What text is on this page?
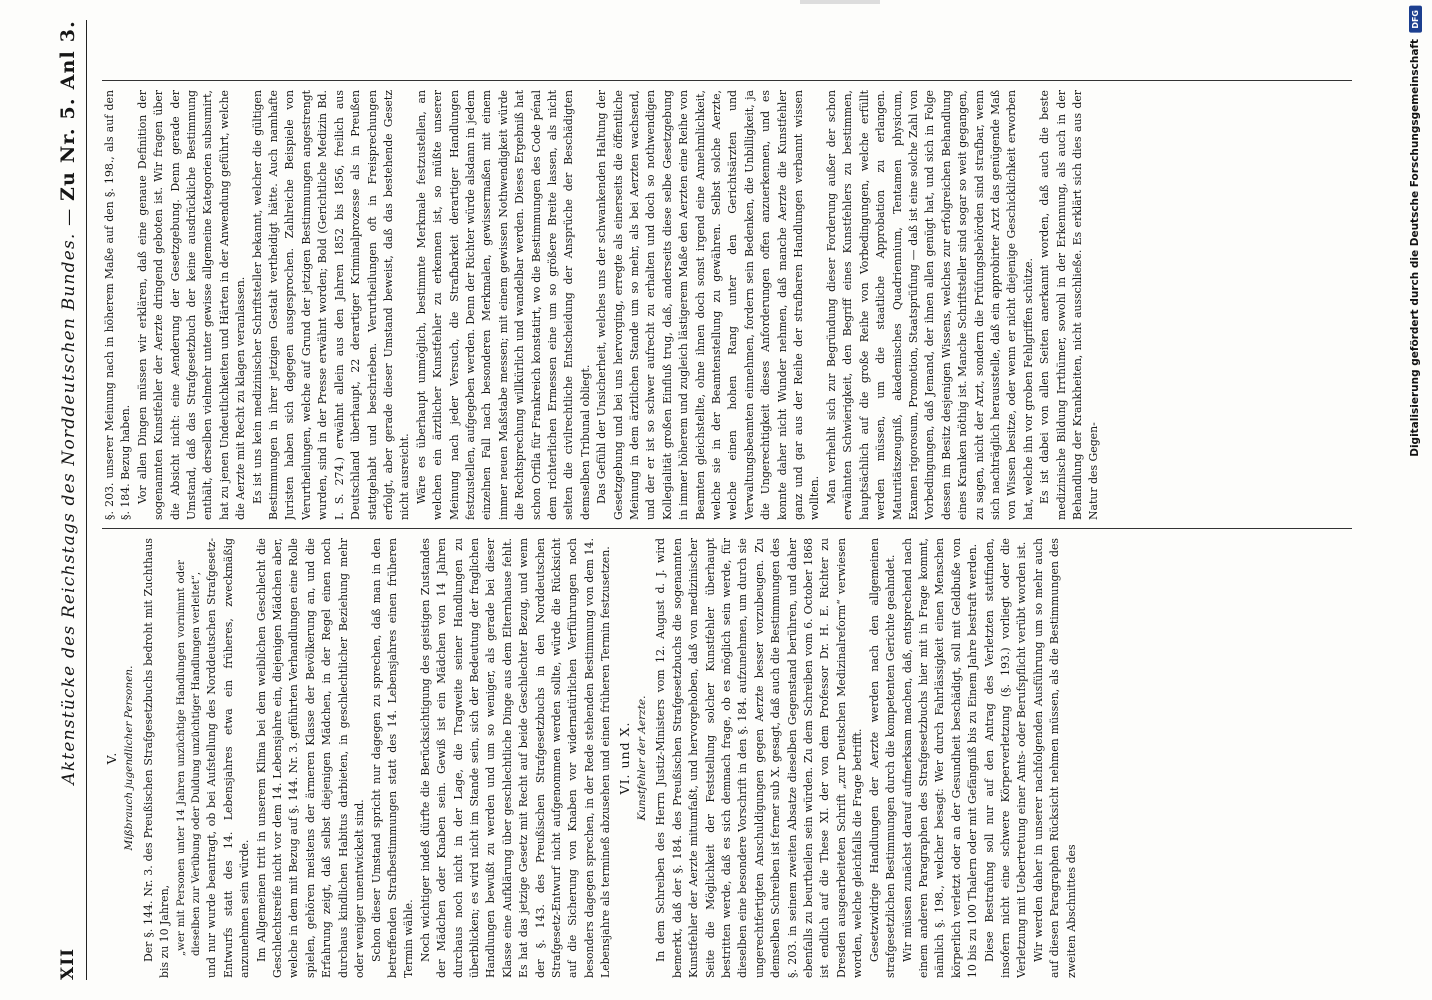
XII
Aktenstücke des Reichstags des Norddeutschen Bundes. — Zu Nr. 5. Anl 3.
V. Mißbrauch jugendlicher Personen. Der §. 144. Nr. 3. des Preußischen Strafgesetzbuchs bedroht mit Zuchthaus bis zu 10 Jahren, „wer mit Personen unter 14 Jahren unzüchtige Handlungen vornimmt oder dieselben zur Verübung oder Duldung unzüchtiger Handlungen verleitet“, und nur wurde beantragt, ob bei Aufstellung des Norddeutschen Strafgesetz-Entwurfs statt des 14. Lebensjahres etwa ein früheres, zweckmäßig anzunehmen sein würde. Im Allgemeinen tritt in unserem Klima bei dem weiblichen Geschlecht die Geschlechtsreife nicht vor dem 14. Lebensjahre ein, diejenigen Mädchen aber, welche in dem mit Bezug auf §. 144. Nr. 3. geführten Verhandlungen eine Rolle spielen, gehören meistens der ärmeren Klasse der Bevölkerung an, und die Erfahrung zeigt, daß selbst diejenigen Mädchen, in der Regel einen noch durchaus kindlichen Habitus darbieten, in geschlechtlicher Beziehung mehr oder weniger unentwickelt sind. Schon dieser Umstand spricht nur dagegen zu sprechen, daß man in den betreffenden Strafbestimmungen statt des 14. Lebensjahres einen früheren Termin wähle. Noch wichtiger indeß dürfte die Berücksichtigung des geistigen Zustandes der Mädchen oder Knaben sein. Gewiß ist ein Mädchen von 14 Jahren durchaus noch nicht in der Lage, die Tragweite seiner Handlungen zu überblicken; es wird nicht im Stande sein, sich der Bedeutung der fraglichen Handlungen bewußt zu werden und um so weniger, als gerade bei dieser Klasse eine Aufklärung über geschlechtliche Dinge aus dem Elternhause fehlt. Es hat das jetzige Gesetz mit Recht auf beide Geschlechter Bezug, und wenn der §. 143. des Preußischen Strafgesetzbuchs in den Norddeutschen Strafgesetz-Entwurf nicht aufgenommen werden sollte, würde die Rücksicht auf die Sicherung von Knaben vor widernatürlichen Verführungen noch besonders dagegen sprechen, in der Rede stehenden Bestimmung von dem 14. Lebensjahre als termineß abzusehen und einen früheren Termin festzusetzen. VI. und X. Kunstfehler der Aerzte. In dem Schreiben des Herrn Justiz-Ministers vom 12. August d. J. wird bemerkt, daß der §. 184. des Preußischen Strafgesetzbuchs die sogenannten Kunstfehler der Aerzte mitumfaßt, und hervorgehoben, daß von medizinischer Seite die Möglichkeit der Feststellung solcher Kunstfehler überhaupt bestritten werde, daß es sich demnach frage, ob es möglich sein werde, für dieselben eine besondere Vorschrift in den §. 184. aufzunehmen, um durch sie ungerechtfertigten Anschuldigungen gegen Aerzte besser vorzubeugen. Zu demselben Schreiben ist ferner sub X. gesagt, daß auch die Bestimmungen des §. 203. in seinem zweiten Absatze dieselben Gegenstand berühren, und daher ebenfalls zu beurtheilen sein würden. Zu dem Schreiben vom 6. October 1868 ist endlich auf die These XI. der von dem Professor Dr. H. E. Richter zu Dresden ausgearbeiteten Schrift „zur Deutschen Medizinalreform“ verwiesen worden, welche gleichfalls die Frage betrifft. Gesetzwidrige Handlungen der Aerzte werden nach den allgemeinen strafgesetzlichen Bestimmungen durch die kompetenten Gerichte geahndet. Wir müssen zunächst darauf aufmerksam machen, daß, entsprechend nach einem anderen Paragraphen des Strafgesetzbuchs hier mit in Frage kommt, nämlich §. 198., welcher besagt: Wer durch Fahrlässigkeit einen Menschen körperlich verletzt oder an der Gesundheit beschädigt, soll mit Geldbuße von 10 bis zu 100 Thalern oder mit Gefängniß bis zu Einem Jahre bestraft werden. Diese Bestrafung soll nur auf den Antrag des Verletzten stattfinden, insofern nicht eine schwere Körperverletzung (§. 193.) vorliegt oder die Verletzung mit Uebertretung einer Amts- oder Berufspflicht verübt worden ist. Wir werden daher in unserer nachfolgenden Ausführung um so mehr auch auf diesen Paragraphen Rücksicht nehmen müssen, als die Bestimmungen des zweiten Abschnittes des

§. 203. unserer Meinung nach in höherem Maße auf den §. 198., als auf den §. 184. Bezug haben. Vor allen Dingen müssen wir erklären, daß eine genaue Definition der sogenannten Kunstfehler der Aerzte dringend geboten ist. Wir fragen über die Absicht nicht: eine Aenderung der Gesetzgebung. Denn gerade der Umstand, daß das Strafgesetzbuch der keine ausdrückliche Bestimmung enthält, derselben vielmehr unter gewisse allgemeine Kategorien subsumirt, hat zu jenen Undeutlichkeiten und Härten in der Anwendung geführt, welche die Aerzte mit Recht zu klagen veranlassen. Es ist uns kein medizinischer Schriftsteller bekannt, welcher die gültigen Bestimmungen in ihrer jetzigen Gestalt vertheidigt hätte. Auch namhafte Juristen haben sich dagegen ausgesprochen. Zahlreiche Beispiele von Verurtheilungen, welche auf Grund der jetzigen Bestimmungen angestrengt wurden, sind in der Presse erwähnt worden; Bold (Gerichtliche Medizin Bd. I. S. 274.) erwähnt allein aus den Jahren 1852 bis 1856, freilich aus Deutschland überhaupt, 22 derartiger Kriminalprozesse als in Preußen stattgehabt und beschrieben. Verurtheilungen oft in Freisprechungen erfolgt, aber gerade dieser Umstand beweist, daß das bestehende Gesetz nicht ausreicht. Wäre es überhaupt unmöglich, bestimmte Merkmale festzustellen, an welchen ein ärztlicher Kunstfehler zu erkennen ist, so müßte unserer Meinung nach jeder Versuch, die Strafbarkeit derartiger Handlungen festzustellen, aufgegeben werden. Denn der Richter würde alsdann in jedem einzelnen Fall nach besonderen Merkmalen, gewissermaßen mit einem immer neuen Maßstabe messen; mit einem gewissen Nothwendigkeit würde die Rechtsprechung willkürlich und wandelbar werden. Dieses Ergebniß hat schon Orfila für Frankreich konstatirt, wo die Bestimmungen des Code pénal dem richterlichen Ermessen eine um so größere Breite lassen, als nicht selten die civilrechtliche Entscheidung der Ansprüche der Beschädigten demselben Tribunal obliegt. Das Gefühl der Unsicherheit, welches uns der schwankenden Haltung der Gesetzgebung und bei uns hervorging, erregte als einerseits die öffentliche Meinung in dem ärztlichen Stande um so mehr, als bei Aerzten wachsend, und der er ist so schwer aufrecht zu erhalten und doch so nothwendigen Kollegialität großen Einfluß trug, daß, anderseits diese selbe Gesetzgebung in immer höherem und zugleich lästigerem Maße den Aerzten eine Reihe von Beamten gleichstellte, ohne ihnen doch sonst irgend eine Annehmlichkeit, welche sie in der Beamtenstellung zu gewähren. Selbst solche Aerzte, welche einen hohen Rang unter den Gerichtsärzten und Verwaltungsbeamten einnehmen, fordern sein Bedenken, die Unbilligkeit, ja die Ungerechtigkeit dieses Anforderungen offen anzuerkennen, und es konnte daher nicht Wunder nehmen, daß manche Aerzte die Kunstfehler ganz und gar aus der Reihe der strafbaren Handlungen verbannt wissen wollten. Man verhehlt sich zur Begründung dieser Forderung außer der schon erwähnten Schwierigkeit, den Begriff eines Kunstfehlers zu bestimmen, hauptsächlich auf die große Reihe von Vorbedingungen, welche erfüllt werden müssen, um die staatliche Approbation zu erlangen. Maturitätszeugniß, akademisches Quadriennium, Tentamen physicum, Examen rigorosum, Promotion, Staatsprüfung — daß ist eine solche Zahl von Vorbedingungen, daß Jemand, der ihnen allen genügt hat, und sich in Folge dessen im Besitz desjenigen Wissens, welches zur erfolgreichen Behandlung eines Kranken nöthig ist. Manche Schriftsteller sind sogar so weit gegangen, zu sagen, nicht der Arzt, sondern die Prüfungsbehörden sind strafbar, wenn sich nachträglich herausstelle, daß ein approbirter Arzt das genügende Maß von Wissen besitze, oder wenn er nicht diejenige Geschicklichkeit erworben hat, welche ihn vor groben Fehlgriffen schütze. Es ist dabei von allen Seiten anerkannt worden, daß auch die beste medizinische Bildung Irrthümer, sowohl in der Erkennung, als auch in der Behandlung der Krankheiten, nicht ausschließe. Es erklärt sich dies aus der Natur des Gegen-

DFG
Digitalisierung gefördert durch die Deutsche Forschungsgemeinschaft
